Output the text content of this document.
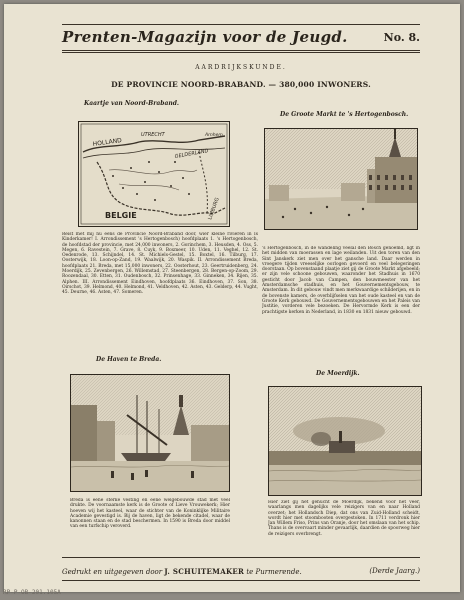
Prenten-Magazijn voor de Jeugd.	No. 8.
AARDRIJKSKUNDE.
DE PROVINCIE NOORD-BRABAND. — 380,000 INWONERS.
Kaartje van Noord-Braband.
HOLLAND
UTRECHT
GELDERLAND
BELGIE	LIMBURG
Arnhem
Reist met mij nu eens de Provincie Noord-Braband door, wier kleine rivieren in Is Kinderkamer! I. Arrondissement 's Hertogenbosch) hoofdplaats 1. 's Hertogenbosch, de hoofdstad der provincie, met 24,000 inwoners, 2. Gorinchem, 3. Heusden, 4. Oss, 5. Megen, 6. Ravestein, 7. Grave, 8. Cuyk, 9. Boxmeer, 10. Uden, 11. Veghel, 12. St. Oedenrode, 13. Schijndel, 14. St. Michiels-Gestel, 15. Boxtel, 16. Tilburg, 17. Oosterwijk, 18. Loon-op-Zand, 19. Waalwijk, 20. Waspik. II. Arrondissement Breda, hoofdplaats 21. Breda, met 15,000 inwoners, 22. Oosterhout, 23. Geertruidenberg, 24. Moerdijk, 25. Zevenbergen, 26. Willemstad, 27. Steenbergen, 28. Bergen-op-Zoom, 29. Roozendaal, 30. Etten, 31. Oudenbosch, 32. Prinsenhage, 33. Ginneken, 34. Rijen, 35. Alphen. III. Arrondissement Eindhoven, hoofdplaats 36. Eindhoven, 37. Son, 38. Oirschot, 39. Helmond, 40. Helmond, 41. Veldhoven, 42. Asten, 43. Gelderp, 44. Vught, 45. Deurne, 46. Asten, 47. Someren.
De Groote Markt te 's Hertogenbosch.
's Hertogenbosch, in de wandeling veelal den Bosch genoemd, ligt in het midden van moerassen en lage weilanden. Uit den toren van den Sint Janskerk ziet men over het gansche land. Daar werden in vroegere tijden vreeselijke oorlogen gevoerd en veel belegeringen doorstaan. Op bovenstaand plaatje ziet gij de Groote Markt afgebeeld; er zijn vele schoone gebouwen, waaronder het Stadhuis in 1670 gesticht door Jacob van Campen, den bouwmeester van het Amsterdamsche stadhuis, en het Gouvernementsgebouw, te Amsterdam. In dit gebouw vindt men merkwaardige schilderijen, en in de bovenste kamers, de overblijfselen van het oude kasteel en van de Groote Kerk gebouwd. De Gouvernementsgebouwen en het Paleis van Justitie, vorderen vele bezoeken. De Hervormde Kerk is een der prachtigste kerken in Nederland, in 1830 en 1831 nieuw gebouwd.
De Haven te Breda.
Breda is eene sterke vesting en eene welgebouwde stad met veel drukte. De voornaamste kerk is de Groote of Lieve Vrouwekerk; Hier hoeven wij het kasteel, waar de stichter van de Koninklijke Militaire Academie gevestigd is. Bij de haven, ligt de bekende citadel, waar de kanonnen staan en de stad beschermen. In 1590 is Breda door middel van een turfschip veroverd.
De Moerdijk.
Hier ziet gij het gehucht de Moerdijk, bekend voor het veer, waarlangs men dagelijks vele reizigers van en naar Holland overzet; het Hollandsch Diep, dat ons van Zuid-Holland scheidt, wordt hier met stoombooten overgestoken. In 1711 verdronk hier Jan Willem Friso, Prins van Oranje, door het omslaan van het schip. Thans is de overvaart minder gevaarlijk, daardien de spoorweg hier de reizigers overbrengt.
Gedrukt en uitgegeven door J. SCHUITEMAKER te Purmerende.	(Derde Jaarg.)
RP-P-OB-201.105A
